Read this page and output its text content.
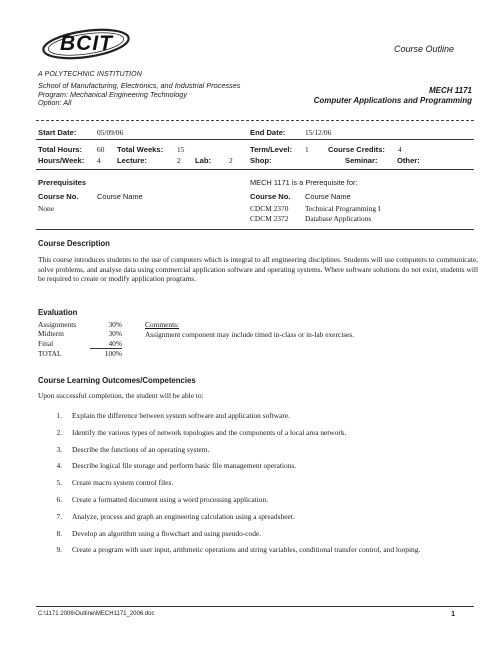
BCIT	Course Outline
A POLYTECHNIC INSTITUTION
School of Manufacturing, Electronics, and Industrial Processes
Program: Mechanical Engineering Technology
Option: All
MECH 1171
Computer Applications and Programming
Start Date:	05/09/06	End Date:	15/12/06
Total Hours: 60 Total Weeks: 15	Term/Level: 1	Course Credits: 4
Hours/Week: 4 Lecture:	2 Lab: 2 Shop:	Seminar:	Other:
Prerequisites
Course No. Course Name
None
MECH 1171 is a Prerequisite for:
Course No. Course Name
CDCM 2370 Technical Programming I
CDCM 2372 Database Applications
Course Description
This course introduces students to the use of computers which is integral to all engineering disciplines. Students will use computers to communicate, solve problems, and analyse data using commercial application software and operating systems. Where software solutions do not exist, students will be required to create or modify application programs.
Evaluation
Assignments	30%
Midterm	30%
Final	40%
TOTAL	100%
Comments:
Assignment component may include timed in-class or in-lab exercises.
Course Learning Outcomes/Competencies
Upon successful completion, the student will be able to:
1.	Explain the difference between system software and application software.
2.	Identify the various types of network topologies and the components of a local area network.
3.	Describe the functions of an operating system.
4.	Describe logical file storage and perform basic file management operations.
5.	Create macro system control files.
6.	Create a formatted document using a word processing application.
7.	Analyze, process and graph an engineering calculation using a spreadsheet.
8.	Develop an algorithm using a flowchart and using pseudo-code.
9.	Create a program with user input, arithmetic operations and string variables, conditional transfer control, and looping.
C:\1171 2006\Outline\MECH1171_2006.doc	1
